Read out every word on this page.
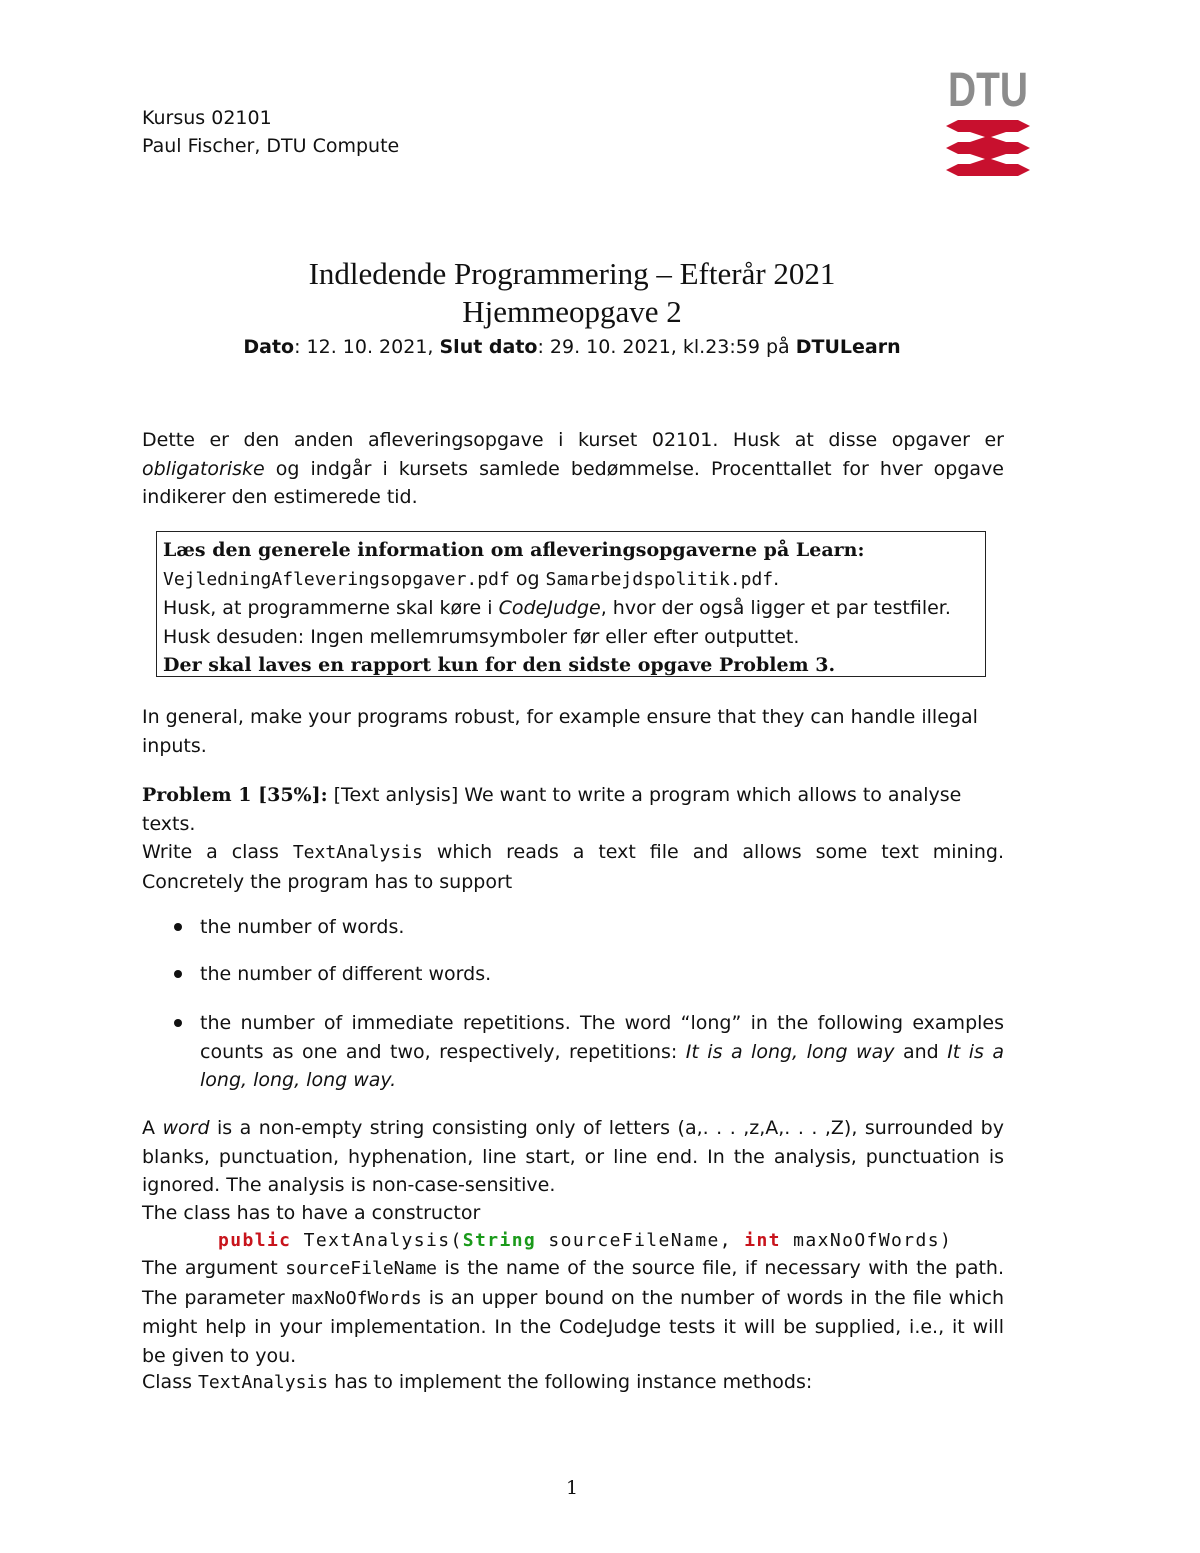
Kursus 02101
Paul Fischer, DTU Compute
DTU
Indledende Programmering – Efterår 2021
Hjemmeopgave 2
Dato: 12. 10. 2021, Slut dato: 29. 10. 2021, kl.23:59 på DTULearn
Dette er den anden afleveringsopgave i kurset 02101. Husk at disse opgaver er obligatoriske og indgår i kursets samlede bedømmelse. Procenttallet for hver opgave indikerer den estimerede tid.
Læs den generele information om afleveringsopgaverne på Learn:
VejledningAfleveringsopgaver.pdf og Samarbejdspolitik.pdf.
Husk, at programmerne skal køre i CodeJudge, hvor der også ligger et par testfiler.
Husk desuden: Ingen mellemrumsymboler før eller efter outputtet.
Der skal laves en rapport kun for den sidste opgave Problem 3.
In general, make your programs robust, for example ensure that they can handle illegal inputs.
Problem 1 [35%]: [Text anlysis] We want to write a program which allows to analyse texts.
Write a class TextAnalysis which reads a text file and allows some text mining. Concretely the program has to support
the number of words.
the number of different words.
the number of immediate repetitions. The word “long” in the following examples counts as one and two, respectively, repetitions: It is a long, long way and It is a long, long, long way.
A word is a non-empty string consisting only of letters (a,. . . ,z,A,. . . ,Z), surrounded by blanks, punctuation, hyphenation, line start, or line end. In the analysis, punctuation is ignored. The analysis is non-case-sensitive.
The class has to have a constructor
public TextAnalysis(String sourceFileName, int maxNoOfWords)
The argument sourceFileName is the name of the source file, if necessary with the path. The parameter maxNoOfWords is an upper bound on the number of words in the file which might help in your implementation. In the CodeJudge tests it will be supplied, i.e., it will be given to you.
Class TextAnalysis has to implement the following instance methods:
1
